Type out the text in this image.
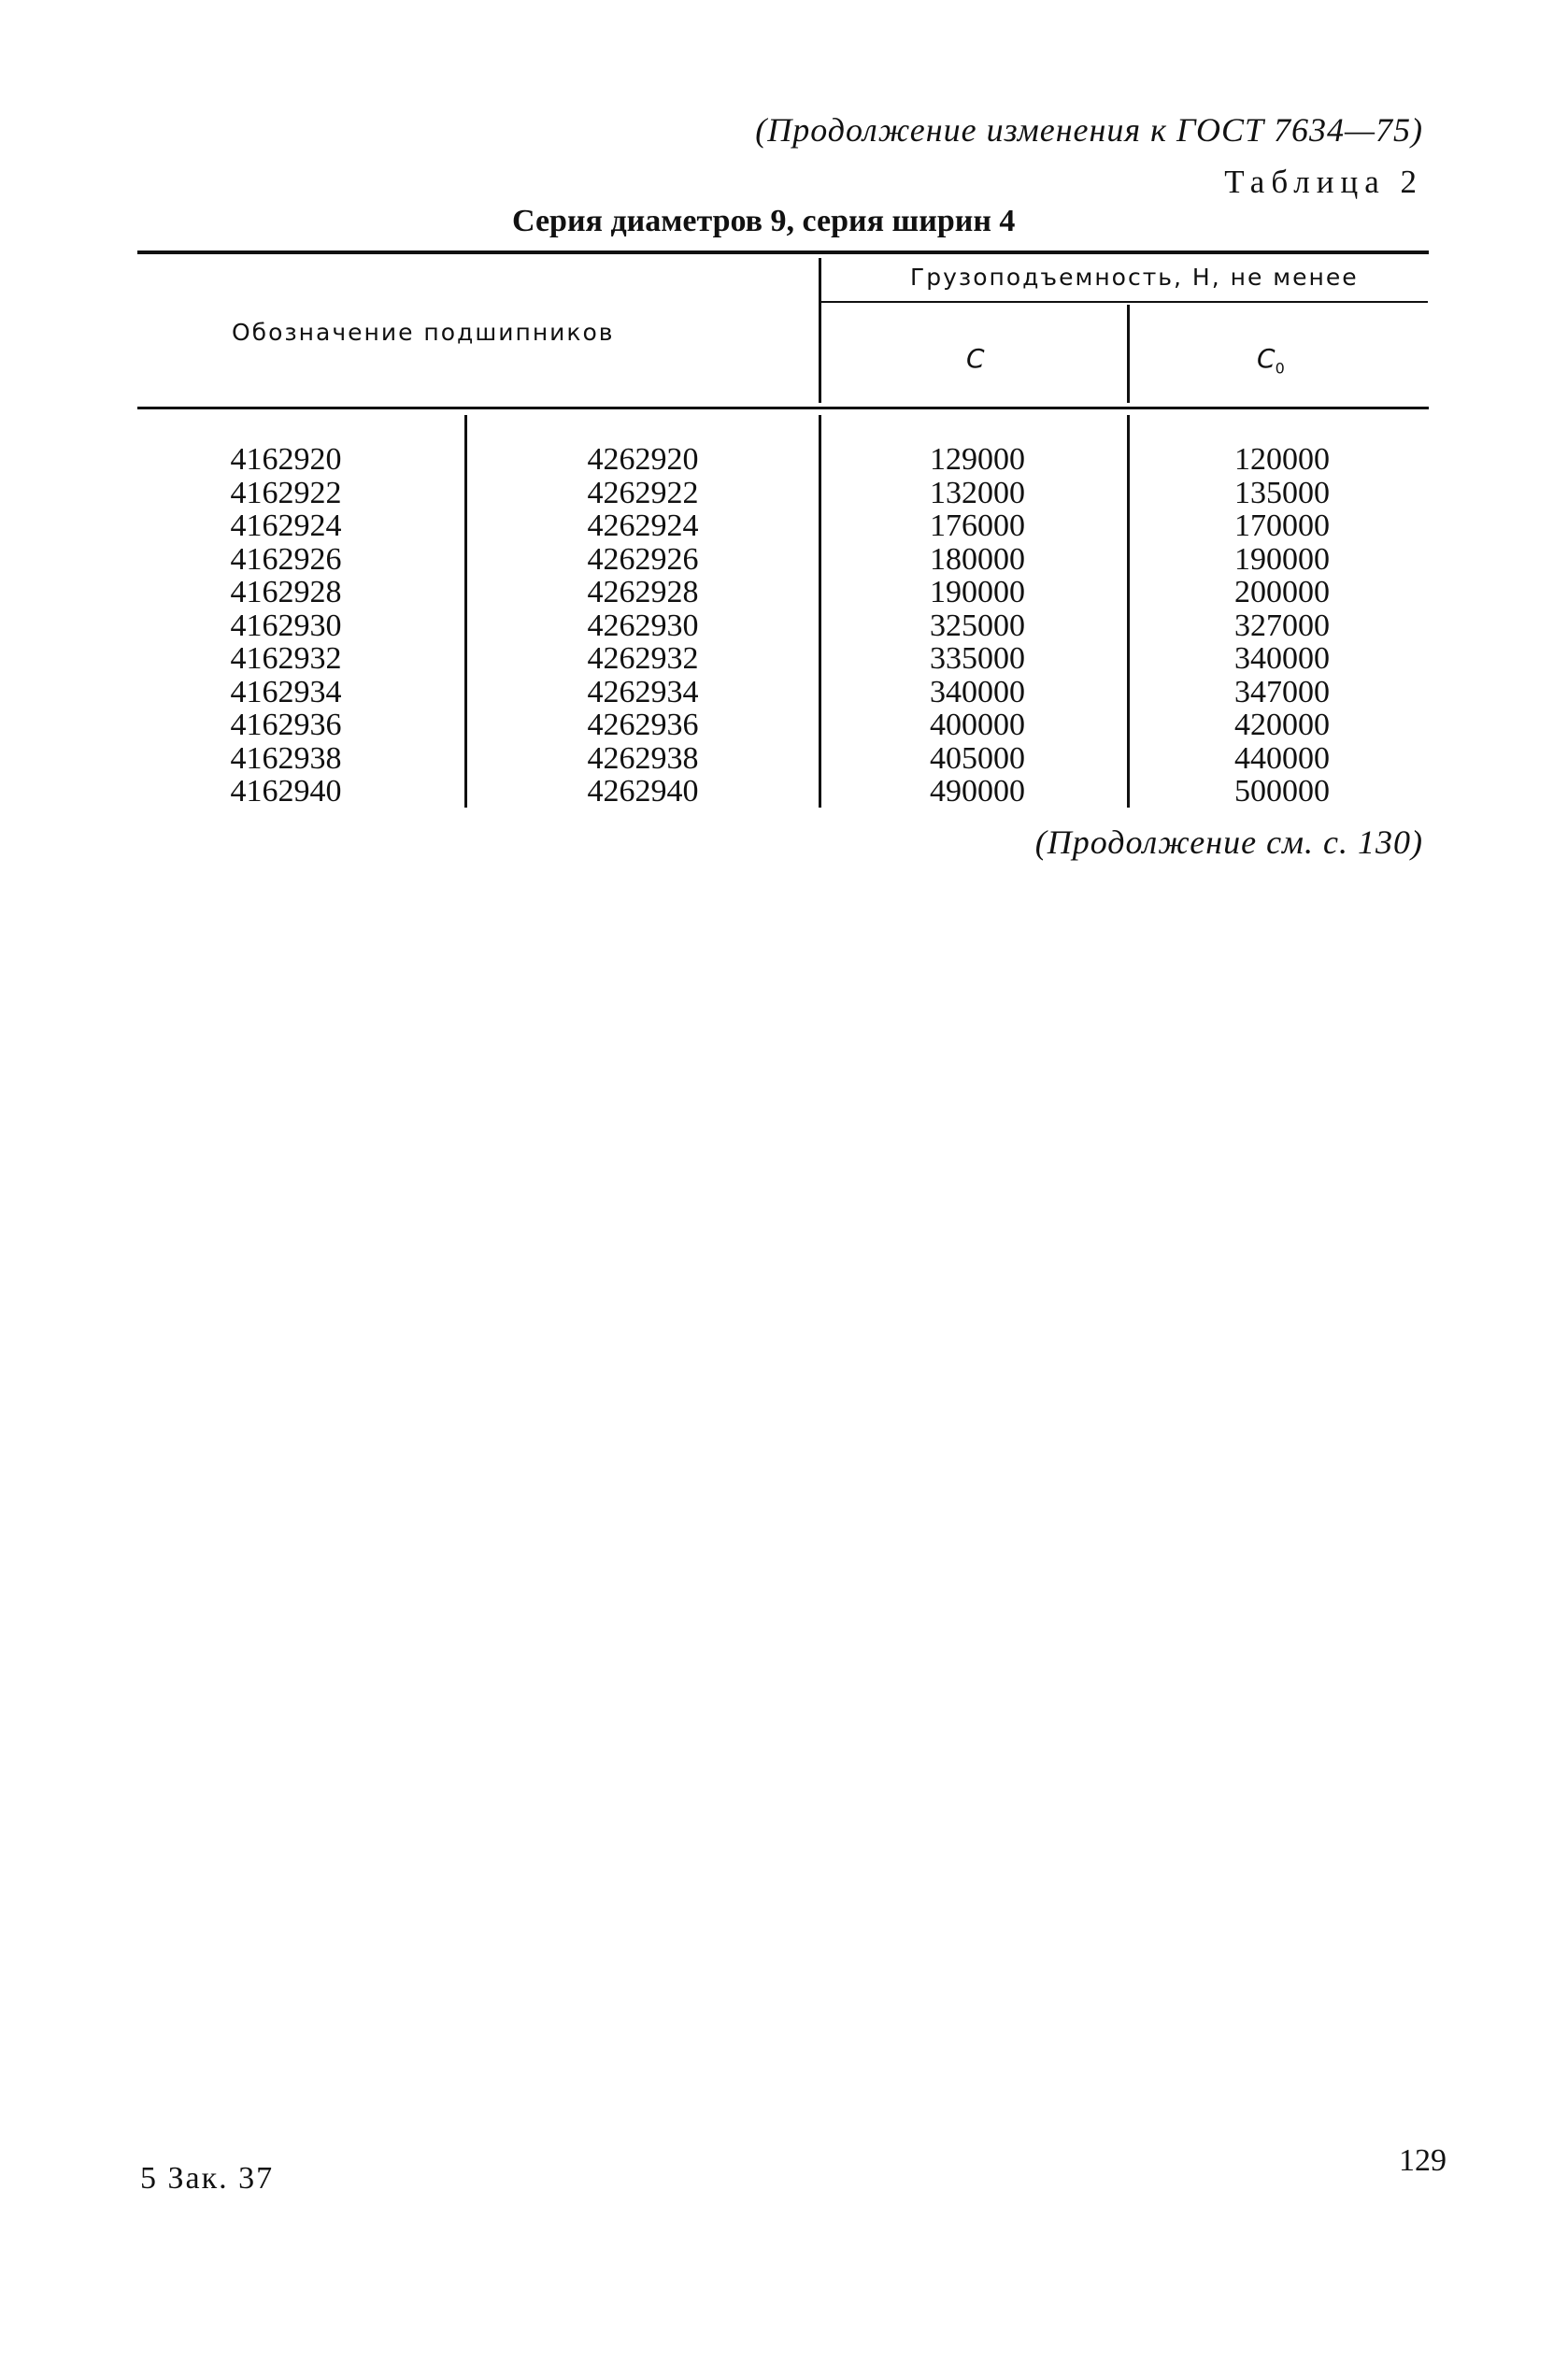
(Продолжение изменения к ГОСТ 7634—75)
Таблица 2
Серия диаметров 9, серия ширин 4
Обозначение подшипников
Грузоподъемность, Н, не менее
C	$C_0$
4162920
4162922
4162924
4162926
4162928
4162930
4162932
4162934
4162936
4162938
4162940
4262920
4262922
4262924
4262926
4262928
4262930
4262932
4262934
4262936
4262938
4262940
129000
132000
176000
180000
190000
325000
335000
340000
400000
405000
490000
120000
135000
170000
190000
200000
327000
340000
347000
420000
440000
500000
(Продолжение см. с. 130)
5 Зак. 37
129
